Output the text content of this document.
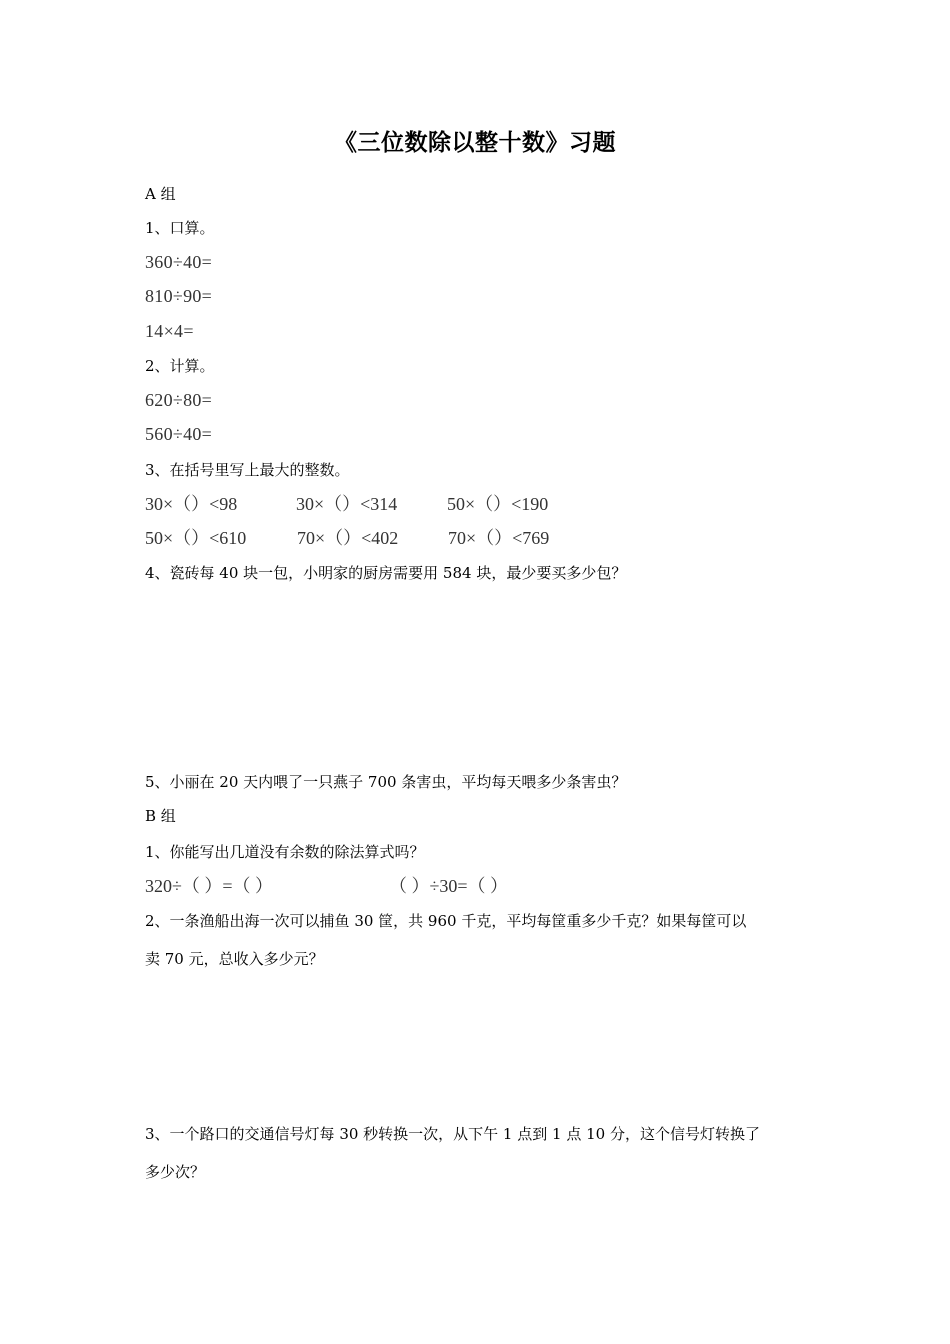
《三位数除以整十数》习题
A 组
1、口算。
360÷40=
810÷90=
14×4=
2、计算。
620÷80=
560÷40=
3、在括号里写上最大的整数。
30×（）<98	30×（）<314	50×（）<190
50×（）<610	70×（）<402	70×（）<769
4、瓷砖每 40 块一包，小明家的厨房需要用 584 块，最少要买多少包？
5、小丽在 20 天内喂了一只燕子 700 条害虫，平均每天喂多少条害虫？
B 组
1、你能写出几道没有余数的除法算式吗？
320÷（ ）=（ ）	（ ）÷30=（ ）
2、一条渔船出海一次可以捕鱼 30 筐，共 960 千克，平均每筐重多少千克？如果每筐可以
卖 70 元，总收入多少元？
3、一个路口的交通信号灯每 30 秒转换一次，从下午 1 点到 1 点 10 分，这个信号灯转换了
多少次？
